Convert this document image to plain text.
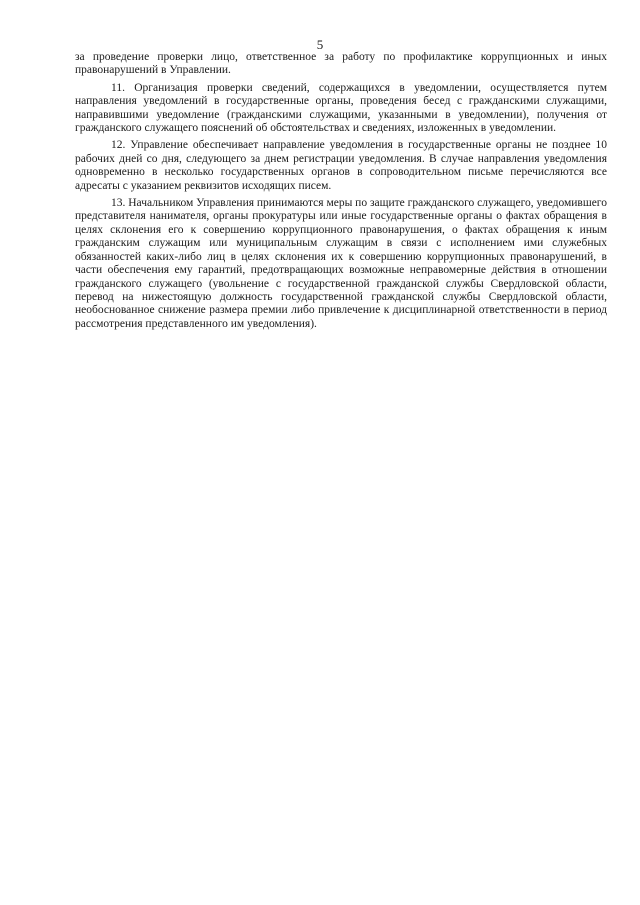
5

за проведение проверки лицо, ответственное за работу по профилактике коррупционных и иных правонарушений в Управлении.

11. Организация проверки сведений, содержащихся в уведомлении, осуществляется путем направления уведомлений в государственные органы, проведения бесед с гражданскими служащими, направившими уведомление (гражданскими служащими, указанными в уведомлении), получения от гражданского служащего пояснений об обстоятельствах и сведениях, изложенных в уведомлении.

12. Управление обеспечивает направление уведомления в государственные органы не позднее 10 рабочих дней со дня, следующего за днем регистрации уведомления. В случае направления уведомления одновременно в несколько государственных органов в сопроводительном письме перечисляются все адресаты с указанием реквизитов исходящих писем.

13. Начальником Управления принимаются меры по защите гражданского служащего, уведомившего представителя нанимателя, органы прокуратуры или иные государственные органы о фактах обращения в целях склонения его к совершению коррупционного правонарушения, о фактах обращения к иным гражданским служащим или муниципальным служащим в связи с исполнением ими служебных обязанностей каких-либо лиц в целях склонения их к совершению коррупционных правонарушений, в части обеспечения ему гарантий, предотвращающих возможные неправомерные действия в отношении гражданского служащего (увольнение с государственной гражданской службы Свердловской области, перевод на нижестоящую должность государственной гражданской службы Свердловской области, необоснованное снижение размера премии либо привлечение к дисциплинарной ответственности в период рассмотрения представленного им уведомления).
